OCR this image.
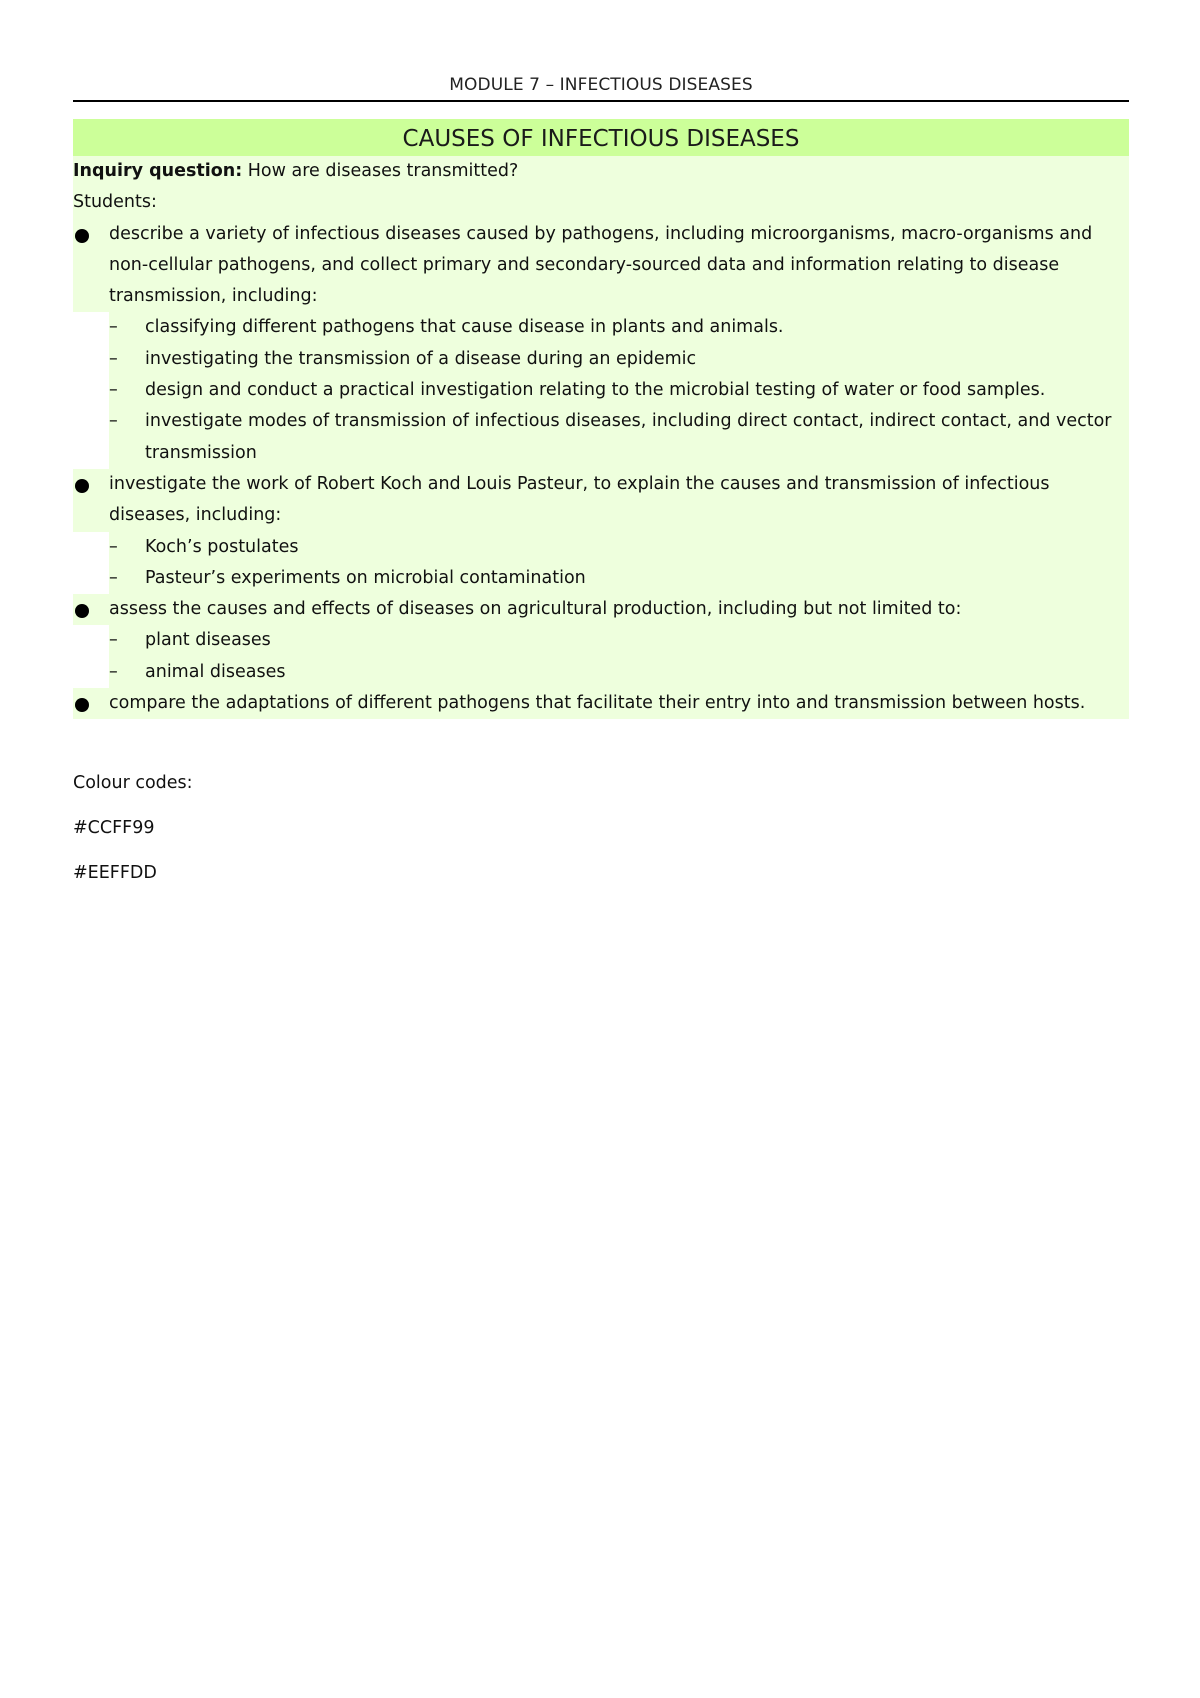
MODULE 7 – INFECTIOUS DISEASES
CAUSES OF INFECTIOUS DISEASES
Inquiry question: How are diseases transmitted?
Students:
describe a variety of infectious diseases caused by pathogens, including microorganisms, macro-organisms and
non-cellular pathogens, and collect primary and secondary-sourced data and information relating to disease
transmission, including:
– classifying different pathogens that cause disease in plants and animals.
– investigating the transmission of a disease during an epidemic
– design and conduct a practical investigation relating to the microbial testing of water or food samples.
– investigate modes of transmission of infectious diseases, including direct contact, indirect contact, and vector
transmission
investigate the work of Robert Koch and Louis Pasteur, to explain the causes and transmission of infectious
diseases, including:
– Koch’s postulates
– Pasteur’s experiments on microbial contamination
assess the causes and effects of diseases on agricultural production, including but not limited to:
– plant diseases
– animal diseases
compare the adaptations of different pathogens that facilitate their entry into and transmission between hosts.
Colour codes:
#CCFF99
#EEFFDD
